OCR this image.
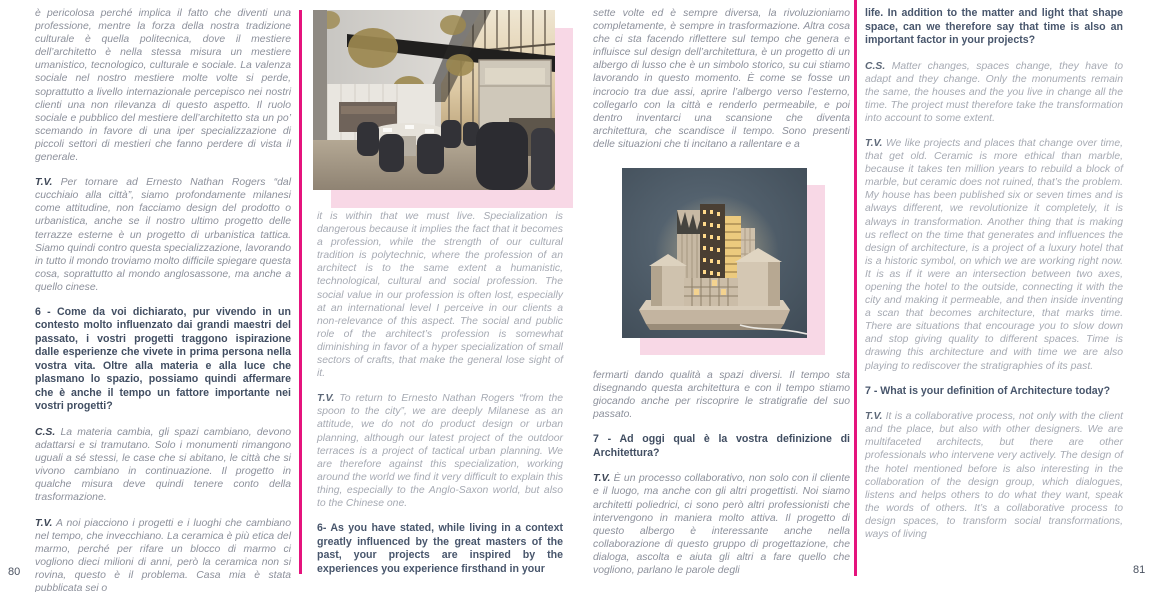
è pericolosa perché implica il fatto che diventi una professione, mentre la forza della nostra tradizione culturale è quella politecnica, dove il mestiere dell’architetto è nella stessa misura un mestiere umanistico, tecnologico, culturale e sociale. La valenza sociale nel nostro mestiere molte volte si perde, soprattutto a livello internazionale percepisco nei nostri clienti una non rilevanza di questo aspetto. Il ruolo sociale e pubblico del mestiere dell’architetto sta un po’ scemando in favore di una iper specializzazione di piccoli settori di mestieri che fanno perdere di vista il generale.

T.V. Per tornare ad Ernesto Nathan Rogers “dal cucchiaio alla città”, siamo profondamente milanesi come attitudine, non facciamo design del prodotto o urbanistica, anche se il nostro ultimo progetto delle terrazze esterne è un progetto di urbanistica tattica. Siamo quindi contro questa specializzazione, lavorando in tutto il mondo troviamo molto difficile spiegare questa cosa, soprattutto al mondo anglosassone, ma anche a quello cinese.

6 - Come da voi dichiarato, pur vivendo in un contesto molto influenzato dai grandi maestri del passato, i vostri progetti traggono ispirazione dalle esperienze che vivete in prima persona nella vostra vita. Oltre alla materia e alla luce che plasmano lo spazio, possiamo quindi affermare che è anche il tempo un fattore importante nei vostri progetti?

C.S. La materia cambia, gli spazi cambiano, devono adattarsi e si tramutano. Solo i monumenti rimangono uguali a sé stessi, le case che si abitano, le città che si vivono cambiano in continuazione. Il progetto in qualche misura deve quindi tenere conto della trasformazione.

T.V. A noi piacciono i progetti e i luoghi che cambiano nel tempo, che invecchiano. La ceramica è più etica del marmo, perché per rifare un blocco di marmo ci vogliono dieci milioni di anni, però la ceramica non si rovina, questo è il problema. Casa mia è stata pubblicata sei o

it is within that we must live. Specialization is dangerous because it implies the fact that it becomes a profession, while the strength of our cultural tradition is polytechnic, where the profession of an architect is to the same extent a humanistic, technological, cultural and social profession. The social value in our profession is often lost, especially at an international level I perceive in our clients a non-relevance of this aspect. The social and public role of the architect’s profession is somewhat diminishing in favor of a hyper specialization of small sectors of crafts, that make the general lose sight of it.

T.V. To return to Ernesto Nathan Rogers “from the spoon to the city”, we are deeply Milanese as an attitude, we do not do product design or urban planning, although our latest project of the outdoor terraces is a project of tactical urban planning. We are therefore against this specialization, working around the world we find it very difficult to explain this thing, especially to the Anglo-Saxon world, but also to the Chinese one.

6- As you have stated, while living in a context greatly influenced by the great masters of the past, your projects are inspired by the experiences you experience firsthand in your

sette volte ed è sempre diversa, la rivoluzioniamo completamente, è sempre in trasformazione. Altra cosa che ci sta facendo riflettere sul tempo che genera e influisce sul design dell’architettura, è un progetto di un albergo di lusso che è un simbolo storico, su cui stiamo lavorando in questo momento. È come se fosse un incrocio tra due assi, aprire l’albergo verso l’esterno, collegarlo con la città e renderlo permeabile, e poi dentro inventarci una scansione che diventa architettura, che scandisce il tempo. Sono presenti delle situazioni che ti incitano a rallentare e a

fermarti dando qualità a spazi diversi. Il tempo sta disegnando questa architettura e con il tempo stiamo giocando anche per riscoprire le stratigrafie del suo passato.

7 - Ad oggi qual è la vostra definizione di Architettura?

T.V. È un processo collaborativo, non solo con il cliente e il luogo, ma anche con gli altri progettisti. Noi siamo architetti poliedrici, ci sono però altri professionisti che intervengono in maniera molto attiva. Il progetto di questo albergo è interessante anche nella collaborazione di questo gruppo di progettazione, che dialoga, ascolta e aiuta gli altri a fare quello che vogliono, parlano le parole degli

life. In addition to the matter and light that shape space, can we therefore say that time is also an important factor in your projects?

C.S. Matter changes, spaces change, they have to adapt and they change. Only the monuments remain the same, the houses and the you live in change all the time. The project must therefore take the transformation into account to some extent.

T.V. We like projects and places that change over time, that get old. Ceramic is more ethical than marble, because it takes ten million years to rebuild a block of marble, but ceramic does not ruined, that’s the problem. My house has been published six or seven times and is always different, we revolutionize it completely, it is always in transformation. Another thing that is making us reflect on the time that generates and influences the design of architecture, is a project of a luxury hotel that is a historic symbol, on which we are working right now. It is as if it were an intersection between two axes, opening the hotel to the outside, connecting it with the city and making it permeable, and then inside inventing a scan that becomes architecture, that marks time. There are situations that encourage you to slow down and stop giving quality to different spaces. Time is drawing this architecture and with time we are also playing to rediscover the stratigraphies of its past.

7 - What is your definition of Architecture today?

T.V. It is a collaborative process, not only with the client and the place, but also with other designers. We are multifaceted architects, but there are other professionals who intervene very actively. The design of the hotel mentioned before is also interesting in the collaboration of the design group, which dialogues, listens and helps others to do what they want, speak the words of others. It’s a collaborative process to design spaces, to transform social transformations, ways of living

80	81
